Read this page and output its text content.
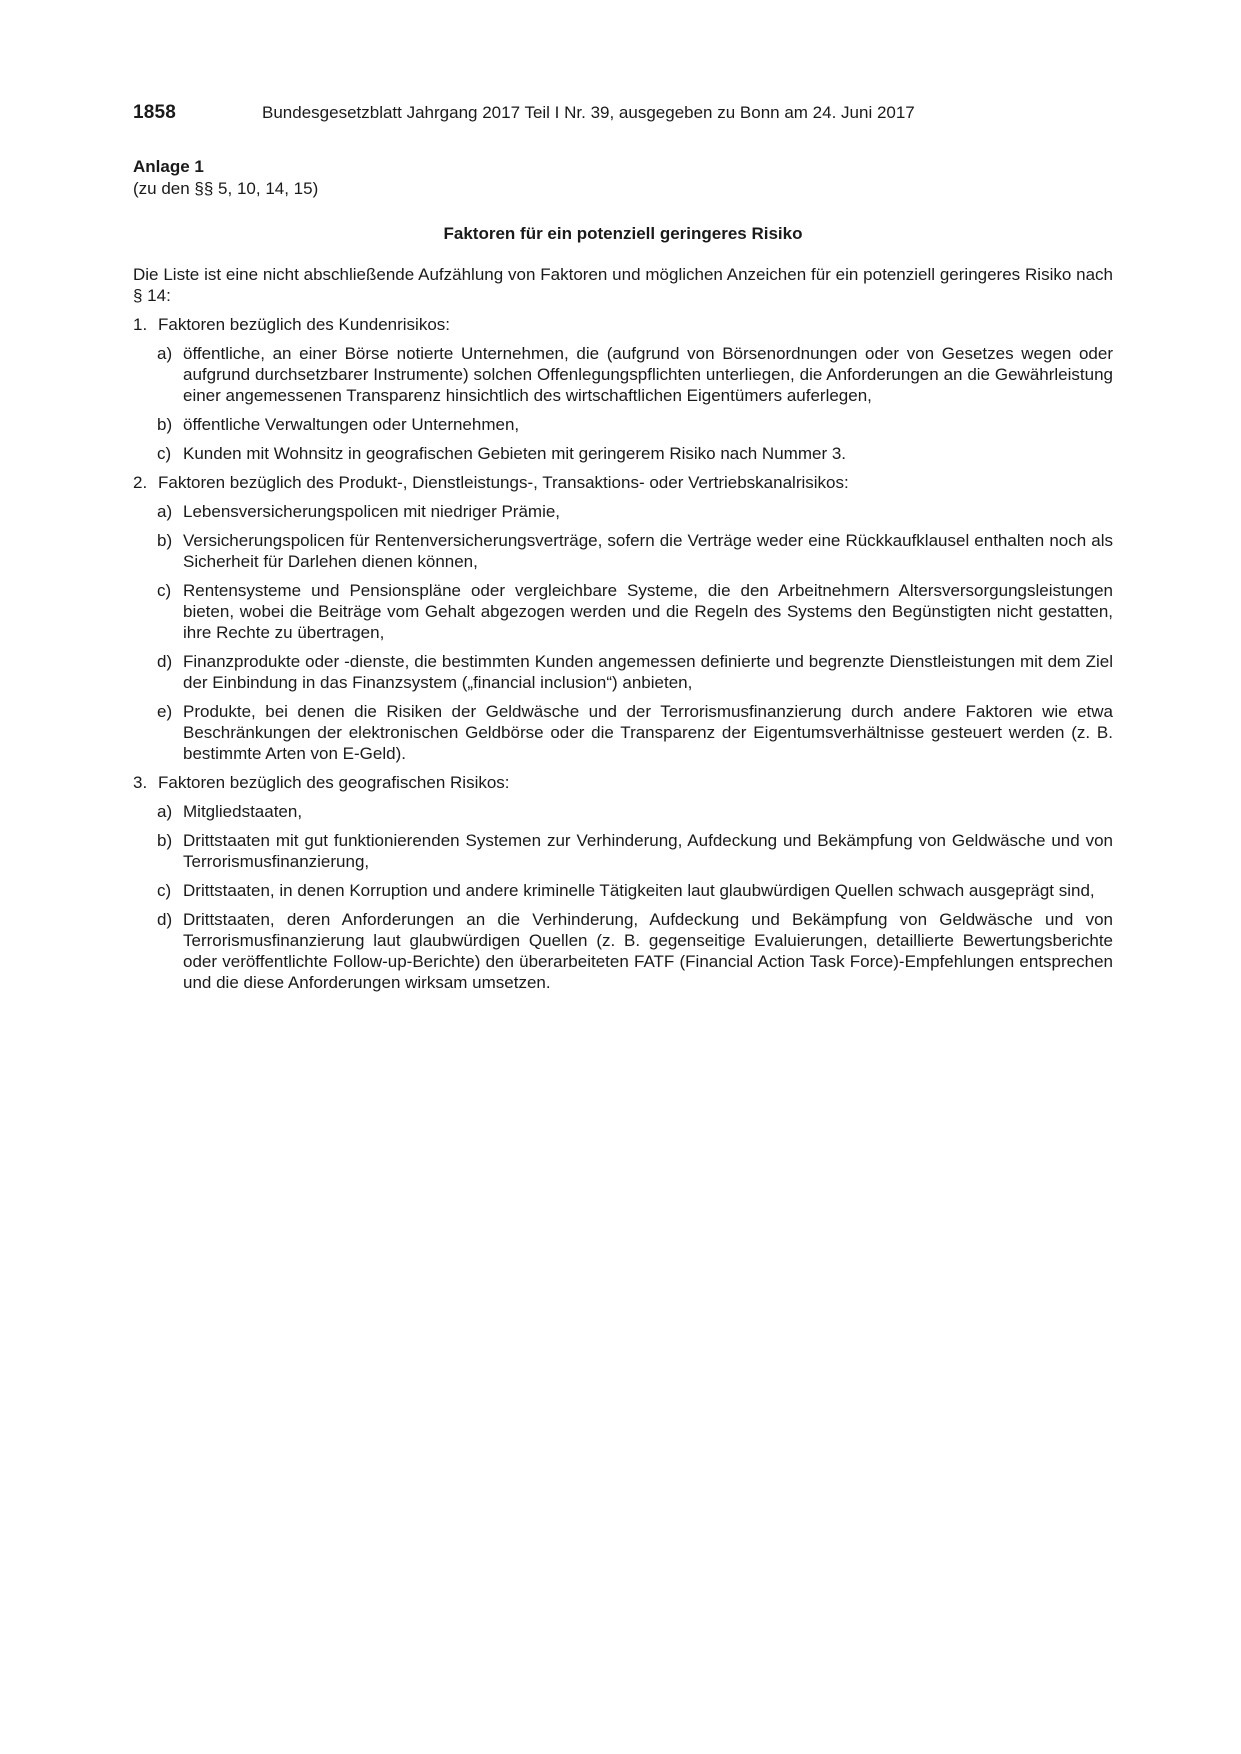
1858	Bundesgesetzblatt Jahrgang 2017 Teil I Nr. 39, ausgegeben zu Bonn am 24. Juni 2017
Anlage 1
(zu den §§ 5, 10, 14, 15)
Faktoren für ein potenziell geringeres Risiko
Die Liste ist eine nicht abschließende Aufzählung von Faktoren und möglichen Anzeichen für ein potenziell geringeres Risiko nach § 14:
1. Faktoren bezüglich des Kundenrisikos:
a) öffentliche, an einer Börse notierte Unternehmen, die (aufgrund von Börsenordnungen oder von Gesetzes wegen oder aufgrund durchsetzbarer Instrumente) solchen Offenlegungspflichten unterliegen, die Anforderungen an die Gewährleistung einer angemessenen Transparenz hinsichtlich des wirtschaftlichen Eigentümers auferlegen,
b) öffentliche Verwaltungen oder Unternehmen,
c) Kunden mit Wohnsitz in geografischen Gebieten mit geringerem Risiko nach Nummer 3.
2. Faktoren bezüglich des Produkt-, Dienstleistungs-, Transaktions- oder Vertriebskanalrisikos:
a) Lebensversicherungspolicen mit niedriger Prämie,
b) Versicherungspolicen für Rentenversicherungsverträge, sofern die Verträge weder eine Rückkaufklausel enthalten noch als Sicherheit für Darlehen dienen können,
c) Rentensysteme und Pensionspläne oder vergleichbare Systeme, die den Arbeitnehmern Altersversorgungsleistungen bieten, wobei die Beiträge vom Gehalt abgezogen werden und die Regeln des Systems den Begünstigten nicht gestatten, ihre Rechte zu übertragen,
d) Finanzprodukte oder -dienste, die bestimmten Kunden angemessen definierte und begrenzte Dienstleistungen mit dem Ziel der Einbindung in das Finanzsystem („financial inclusion“) anbieten,
e) Produkte, bei denen die Risiken der Geldwäsche und der Terrorismusfinanzierung durch andere Faktoren wie etwa Beschränkungen der elektronischen Geldbörse oder die Transparenz der Eigentumsverhältnisse gesteuert werden (z. B. bestimmte Arten von E-Geld).
3. Faktoren bezüglich des geografischen Risikos:
a) Mitgliedstaaten,
b) Drittstaaten mit gut funktionierenden Systemen zur Verhinderung, Aufdeckung und Bekämpfung von Geldwäsche und von Terrorismusfinanzierung,
c) Drittstaaten, in denen Korruption und andere kriminelle Tätigkeiten laut glaubwürdigen Quellen schwach ausgeprägt sind,
d) Drittstaaten, deren Anforderungen an die Verhinderung, Aufdeckung und Bekämpfung von Geldwäsche und von Terrorismusfinanzierung laut glaubwürdigen Quellen (z. B. gegenseitige Evaluierungen, detaillierte Bewertungsberichte oder veröffentlichte Follow-up-Berichte) den überarbeiteten FATF (Financial Action Task Force)-Empfehlungen entsprechen und die diese Anforderungen wirksam umsetzen.
